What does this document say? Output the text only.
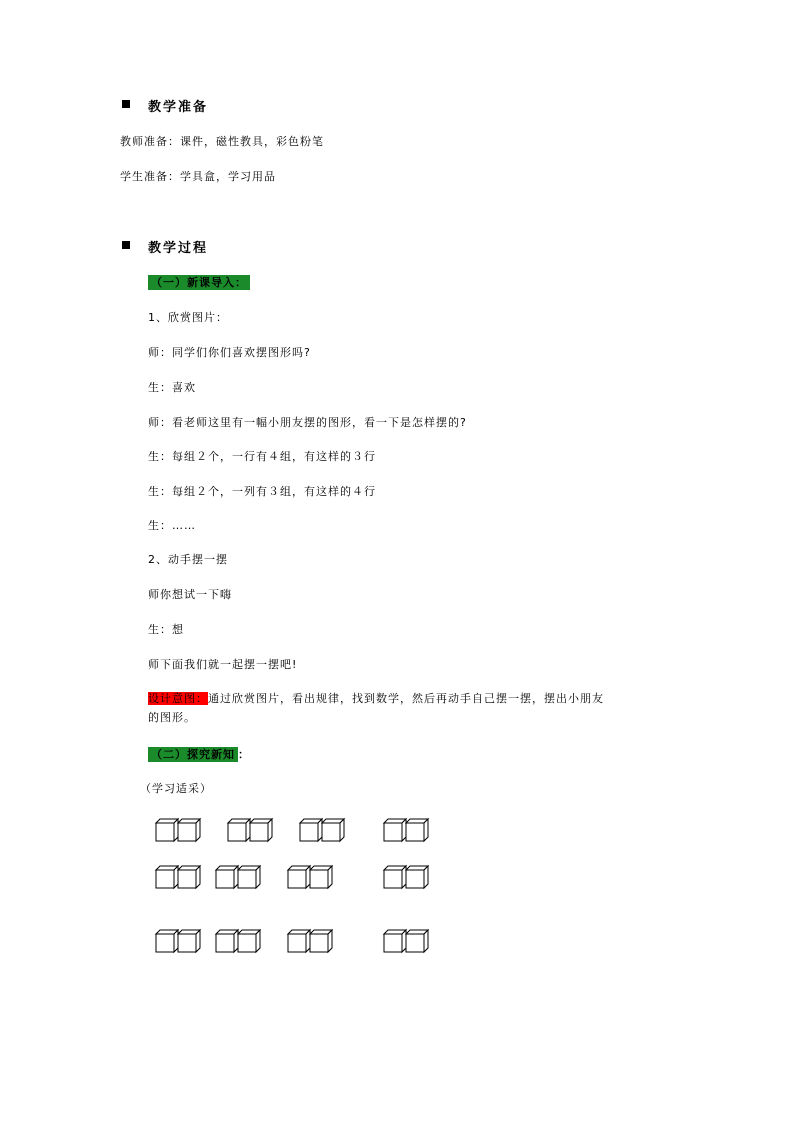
教学准备
教师准备：课件，磁性教具，彩色粉笔
学生准备：学具盒，学习用品
教学过程
（一）新课导入：
1、欣赏图片：
师：同学们你们喜欢摆图形吗?
生：喜欢
师：看老师这里有一幅小朋友摆的图形，看一下是怎样摆的?
生：每组２个，一行有４组，有这样的３行
生：每组２个，一列有３组，有这样的４行
生：……
2、动手摆一摆
师你想试一下嗨
生：想
师下面我们就一起摆一摆吧!
设计意图：通过欣赏图片，看出规律，找到数学，然后再动手自己摆一摆，摆出小朋友
的图形。
（二）探究新知 ：
（学习适采）
